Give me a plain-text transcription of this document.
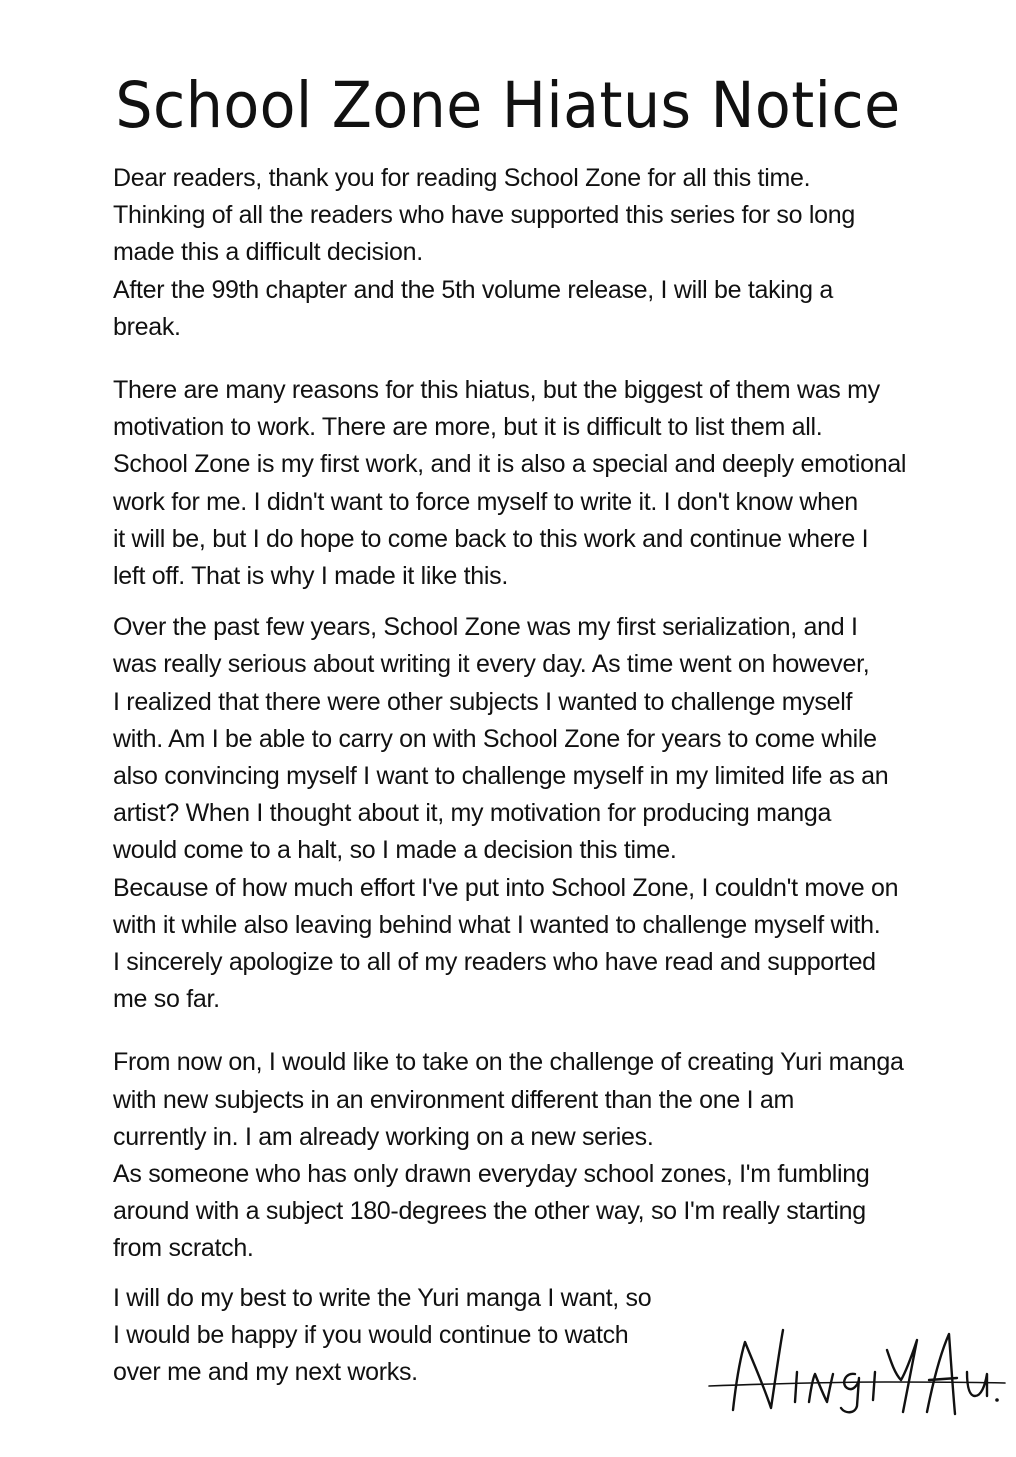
School Zone Hiatus Notice

Dear readers, thank you for reading School Zone for all this time.
Thinking of all the readers who have supported this series for so long
made this a difficult decision.
After the 99th chapter and the 5th volume release, I will be taking a
break.

There are many reasons for this hiatus, but the biggest of them was my
motivation to work. There are more, but it is difficult to list them all.
School Zone is my first work, and it is also a special and deeply emotional
work for me. I didn't want to force myself to write it. I don't know when
it will be, but I do hope to come back to this work and continue where I
left off. That is why I made it like this.

Over the past few years, School Zone was my first serialization, and I
was really serious about writing it every day. As time went on however,
I realized that there were other subjects I wanted to challenge myself
with. Am I be able to carry on with School Zone for years to come while
also convincing myself I want to challenge myself in my limited life as an
artist? When I thought about it, my motivation for producing manga
would come to a halt, so I made a decision this time.
Because of how much effort I've put into School Zone, I couldn't move on
with it while also leaving behind what I wanted to challenge myself with.
I sincerely apologize to all of my readers who have read and supported
me so far.

From now on, I would like to take on the challenge of creating Yuri manga
with new subjects in an environment different than the one I am
currently in. I am already working on a new series.
As someone who has only drawn everyday school zones, I'm fumbling
around with a subject 180-degrees the other way, so I'm really starting
from scratch.

I will do my best to write the Yuri manga I want, so
I would be happy if you would continue to watch
over me and my next works.
